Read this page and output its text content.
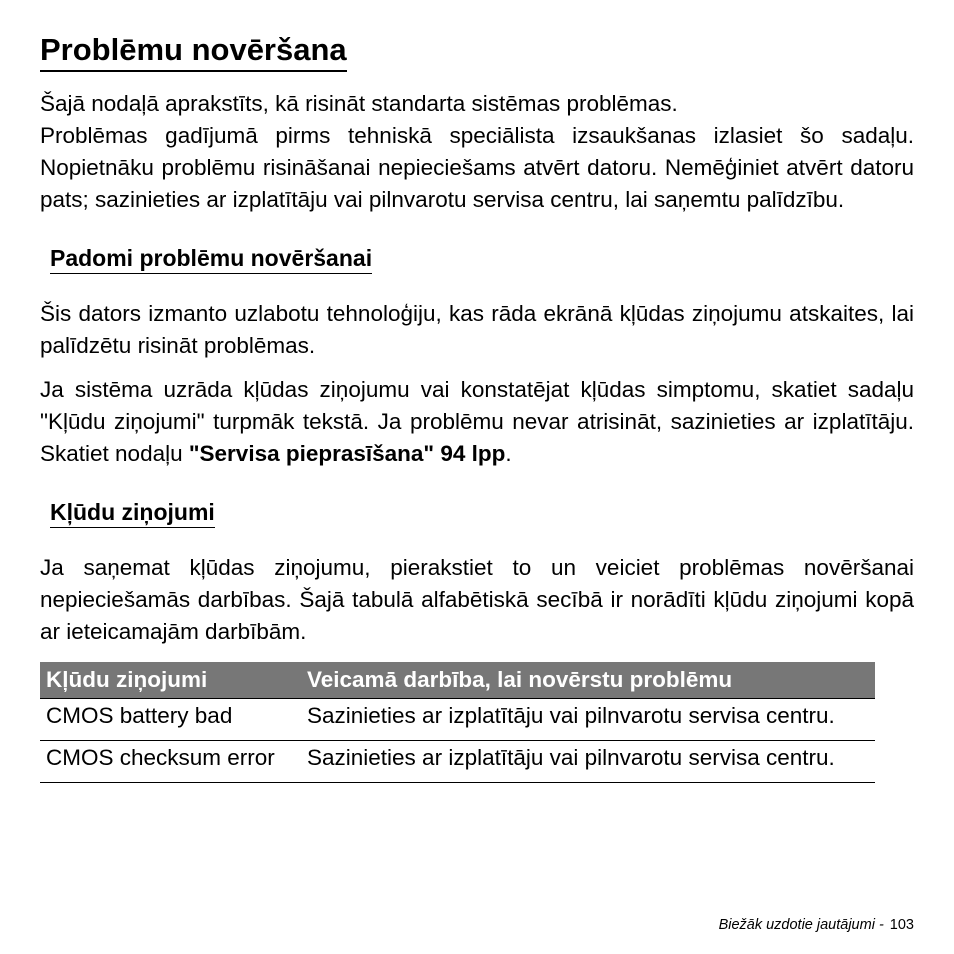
Problēmu novēršana

Šajā nodaļā aprakstīts, kā risināt standarta sistēmas problēmas.

Problēmas gadījumā pirms tehniskā speciālista izsaukšanas izlasiet šo sadaļu. Nopietnāku problēmu risināšanai nepieciešams atvērt datoru. Nemēģiniet atvērt datoru pats; sazinieties ar izplatītāju vai pilnvarotu servisa centru, lai saņemtu palīdzību.

Padomi problēmu novēršanai

Šis dators izmanto uzlabotu tehnoloģiju, kas rāda ekrānā kļūdas ziņojumu atskaites, lai palīdzētu risināt problēmas.

Ja sistēma uzrāda kļūdas ziņojumu vai konstatējat kļūdas simptomu, skatiet sadaļu "Kļūdu ziņojumi" turpmāk tekstā. Ja problēmu nevar atrisināt, sazinieties ar izplatītāju. Skatiet nodaļu "Servisa pieprasīšana" 94 lpp.

Kļūdu ziņojumi

Ja saņemat kļūdas ziņojumu, pierakstiet to un veiciet problēmas novēršanai nepieciešamās darbības. Šajā tabulā alfabētiskā secībā ir norādīti kļūdu ziņojumi kopā ar ieteicamajām darbībām.

Kļūdu ziņojumi	Veicamā darbība, lai novērstu problēmu
CMOS battery bad	Sazinieties ar izplatītāju vai pilnvarotu servisa centru.
CMOS checksum error	Sazinieties ar izplatītāju vai pilnvarotu servisa centru.
Biežāk uzdotie jautājumi - 103
